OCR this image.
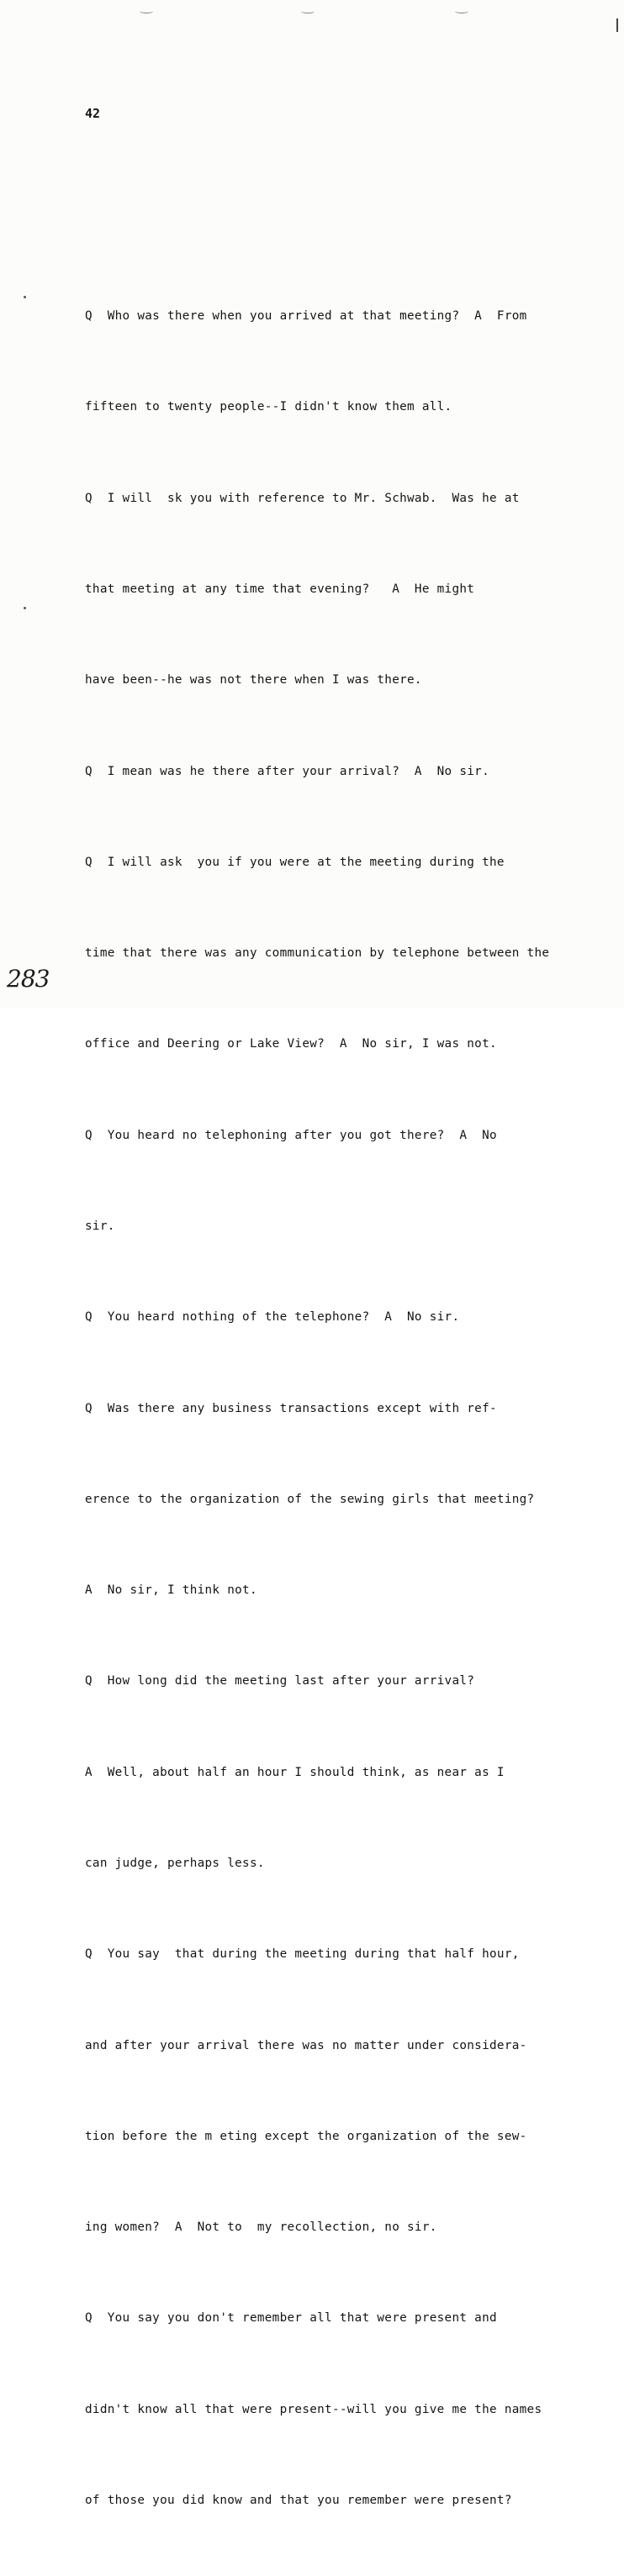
42

Q  Who was there when you arrived at that meeting?  A  From

fifteen to twenty people--I didn't know them all.

Q  I will  sk you with reference to Mr. Schwab.  Was he at

that meeting at any time that evening?   A  He might

have been--he was not there when I was there.

Q  I mean was he there after your arrival?  A  No sir.

Q  I will ask  you if you were at the meeting during the

time that there was any communication by telephone between the

office and Deering or Lake View?  A  No sir, I was not.

Q  You heard no telephoning after you got there?  A  No

sir.

Q  You heard nothing of the telephone?  A  No sir.

Q  Was there any business transactions except with ref-

erence to the organization of the sewing girls that meeting?

A  No sir, I think not.

Q  How long did the meeting last after your arrival?

A  Well, about half an hour I should think, as near as I

can judge, perhaps less.

Q  You say  that during the meeting during that half hour,

and after your arrival there was no matter under considera-

tion before the m eting except the organization of the sew-

ing women?  A  Not to  my recollection, no sir.

Q  You say you don't remember all that were present and

didn't know all that were present--will you give me the names

of those you did know and that you remember were present?

283
